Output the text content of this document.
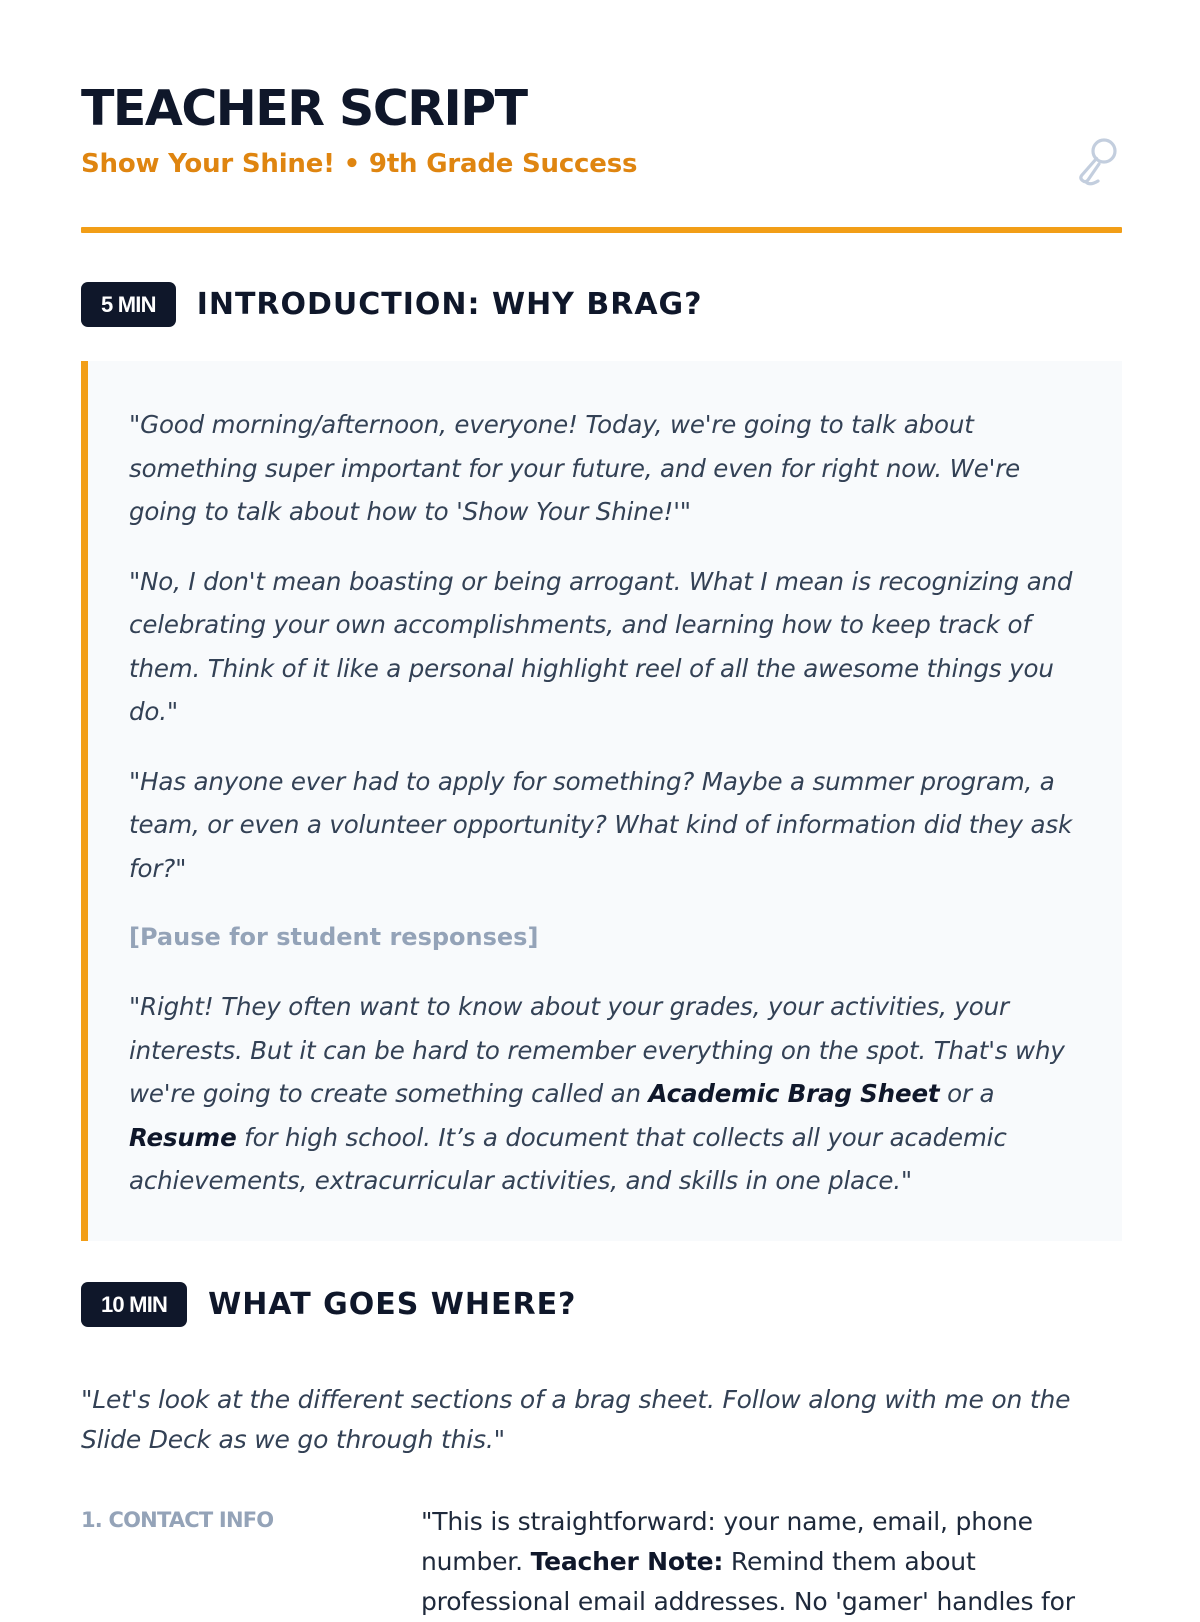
TEACHER SCRIPT
Show Your Shine! • 9th Grade Success
5 MIN	INTRODUCTION: WHY BRAG?

"Good morning/afternoon, everyone! Today, we're going to talk about something super important for your future, and even for right now. We're going to talk about how to 'Show Your Shine!'"

"No, I don't mean boasting or being arrogant. What I mean is recognizing and celebrating your own accomplishments, and learning how to keep track of them. Think of it like a personal highlight reel of all the awesome things you do."

"Has anyone ever had to apply for something? Maybe a summer program, a team, or even a volunteer opportunity? What kind of information did they ask for?"

[Pause for student responses]

"Right! They often want to know about your grades, your activities, your interests. But it can be hard to remember everything on the spot. That's why we're going to create something called an Academic Brag Sheet or a Resume for high school. It’s a document that collects all your academic achievements, extracurricular activities, and skills in one place."

10 MIN	WHAT GOES WHERE?

"Let's look at the different sections of a brag sheet. Follow along with me on the Slide Deck as we go through this."

1. CONTACT INFO	"This is straightforward: your name, email, phone number. Teacher Note: Remind them about professional email addresses. No 'gamer' handles for
